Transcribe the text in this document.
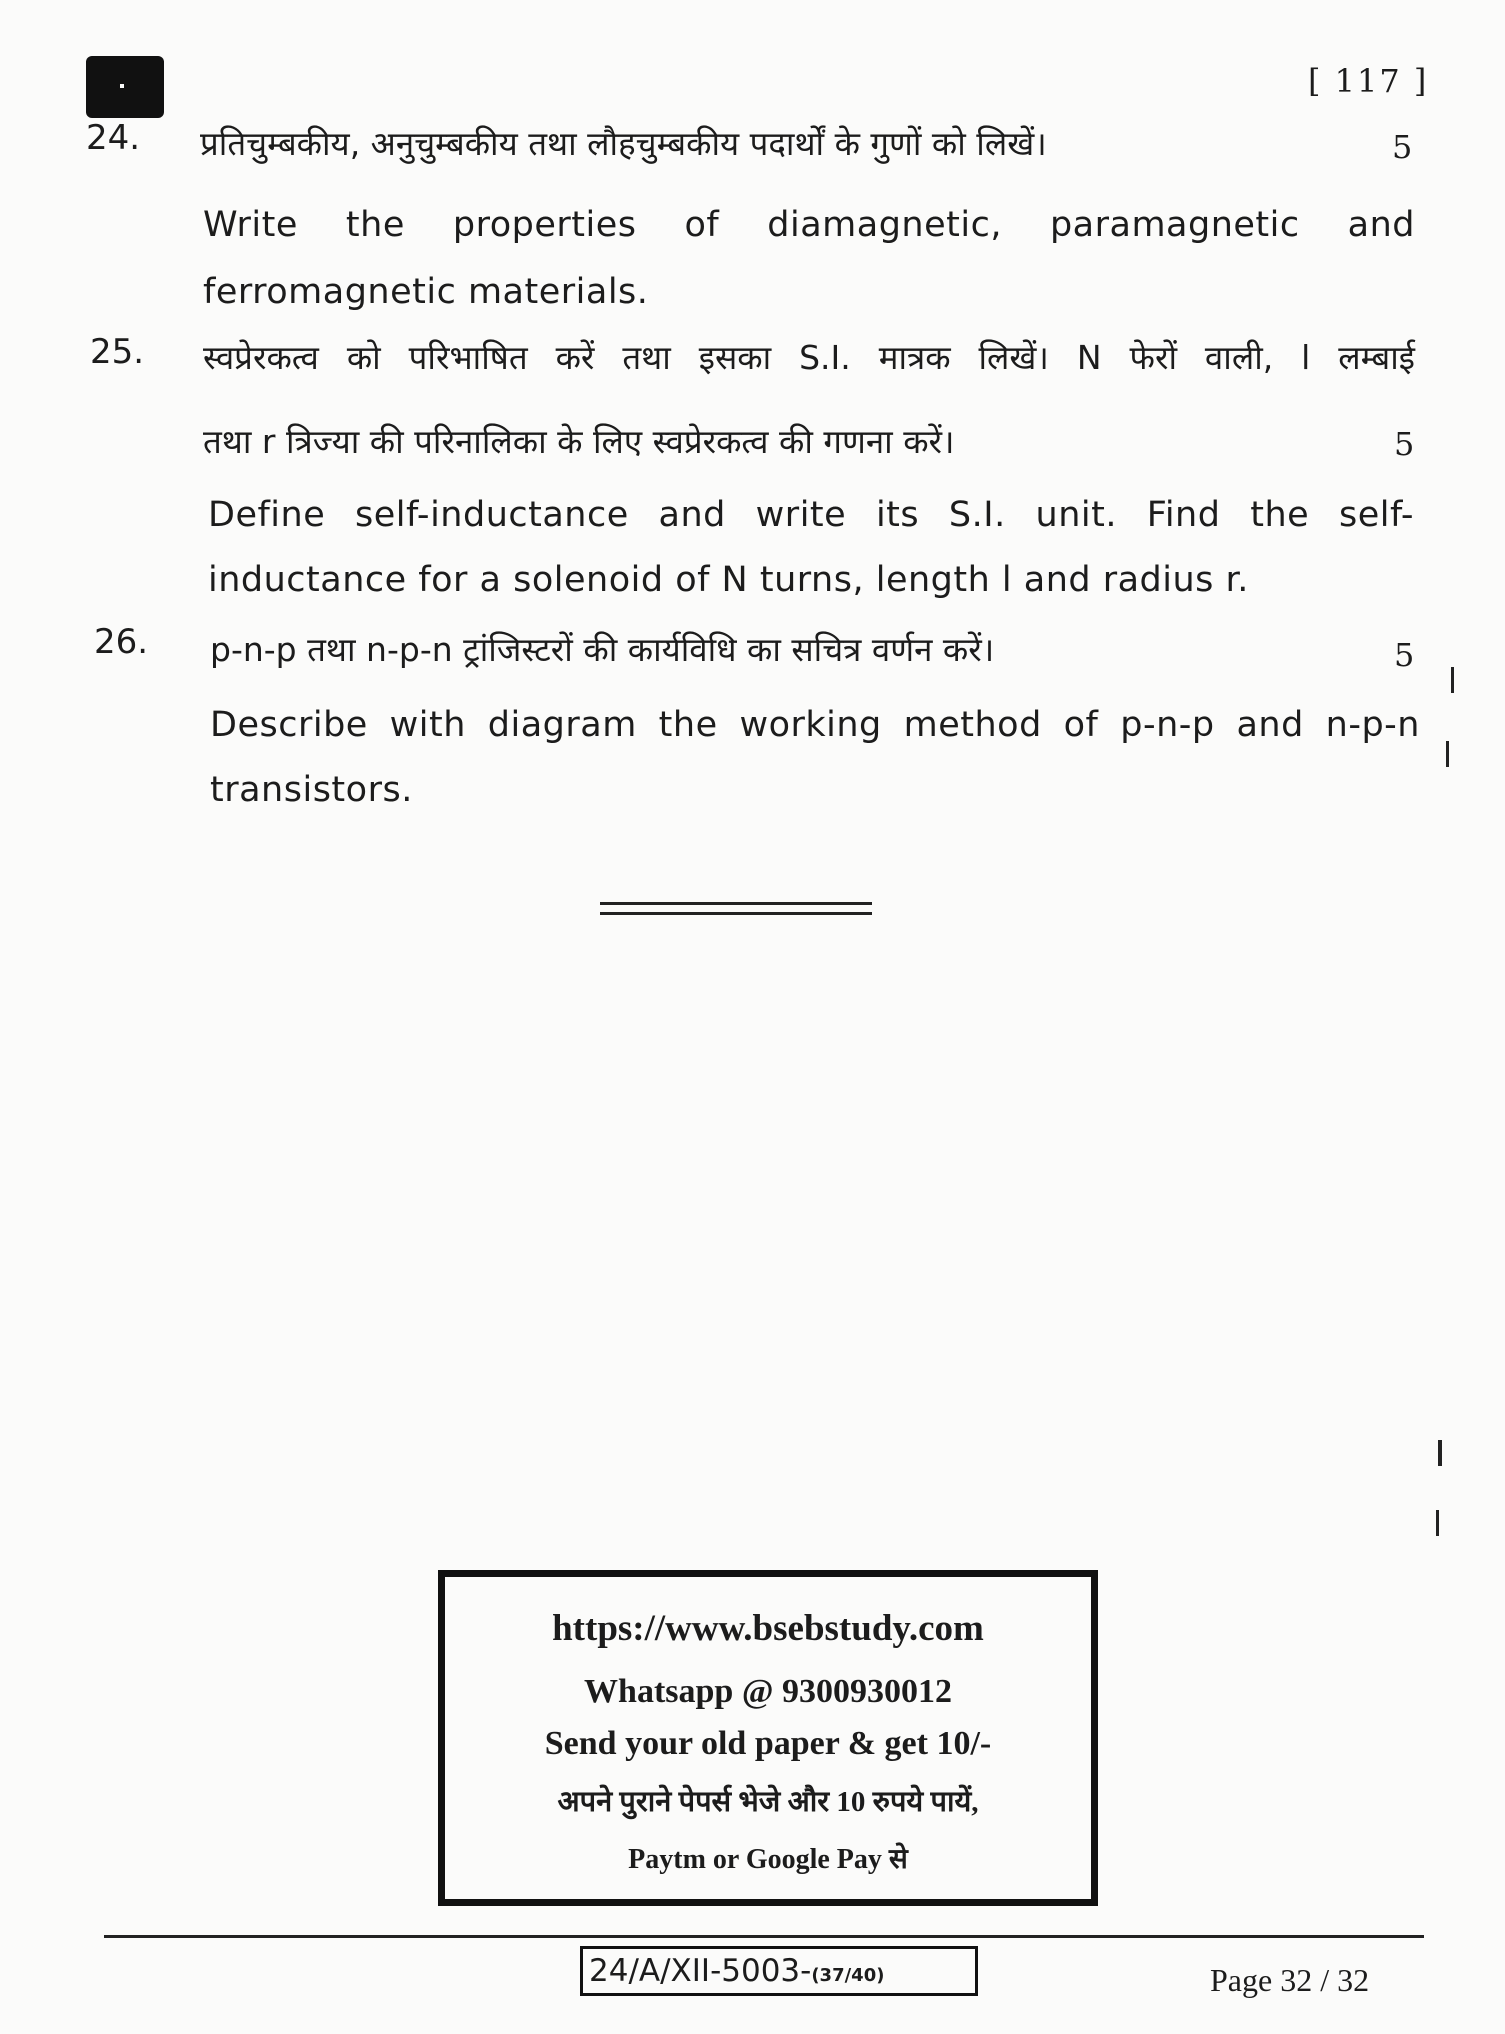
[ 117 ]
24. प्रतिचुम्बकीय, अनुचुम्बकीय तथा लौहचुम्बकीय पदार्थों के गुणों को लिखें।	5
Write the properties of diamagnetic, paramagnetic and
ferromagnetic materials.
25. स्वप्रेरकत्व को परिभाषित करें तथा इसका S.I. मात्रक लिखें। N फेरों वाली, l लम्बाई
तथा r त्रिज्या की परिनालिका के लिए स्वप्रेरकत्व की गणना करें।	5
Define self-inductance and write its S.I. unit. Find the self-
inductance for a solenoid of N turns, length l and radius r.
26. p-n-p तथा n-p-n ट्रांजिस्टरों की कार्यविधि का सचित्र वर्णन करें।	5
Describe with diagram the working method of p-n-p and n-p-n
transistors.
https://www.bsebstudy.com
Whatsapp @ 9300930012
Send your old paper & get 10/-
अपने पुराने पेपर्स भेजे और 10 रुपये पायें,
Paytm or Google Pay से
24/A/XII-5003-(37/40)	Page 32 / 32
